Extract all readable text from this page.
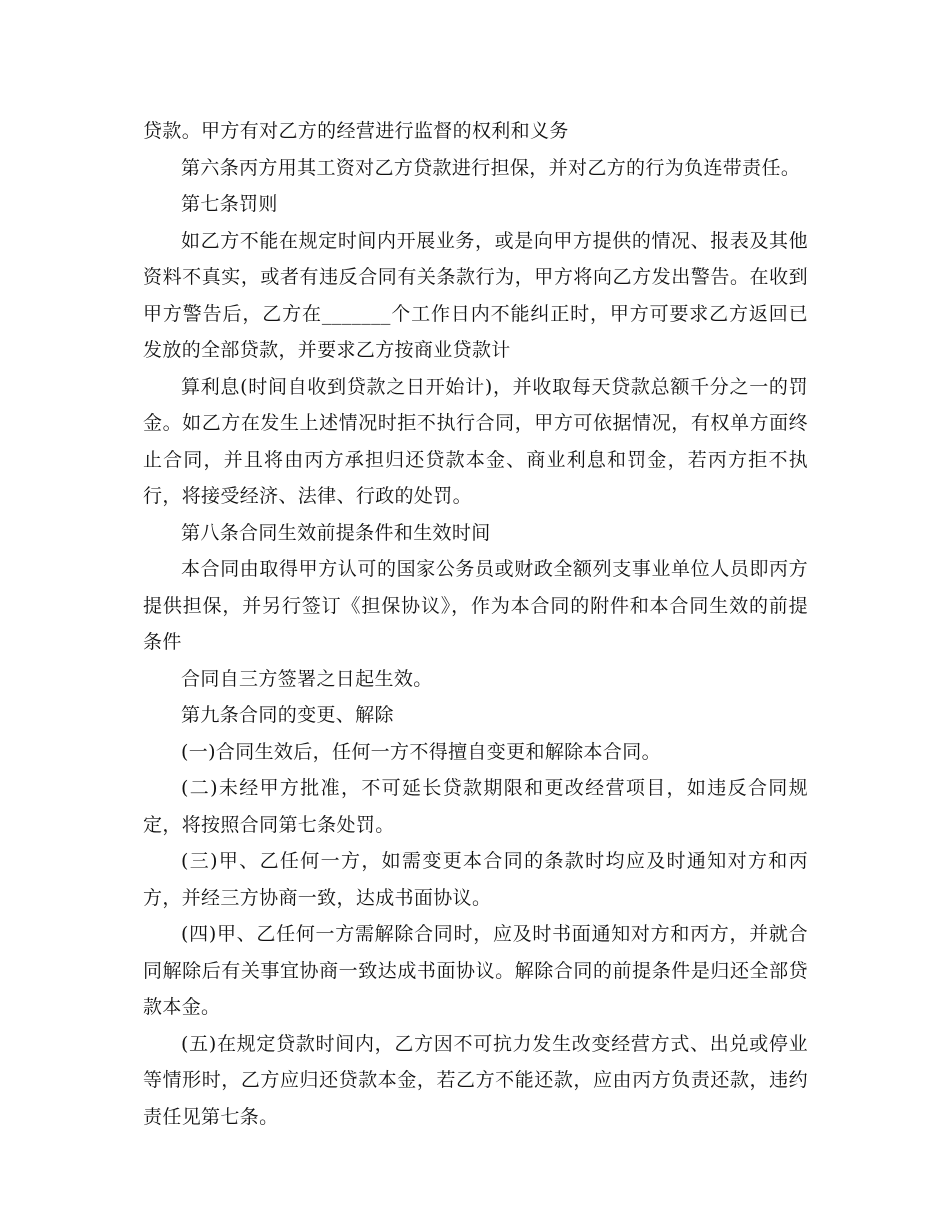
贷款。甲方有对乙方的经营进行监督的权利和义务

第六条丙方用其工资对乙方贷款进行担保，并对乙方的行为负连带责任。

第七条罚则

如乙方不能在规定时间内开展业务，或是向甲方提供的情况、报表及其他资料不真实，或者有违反合同有关条款行为，甲方将向乙方发出警告。在收到甲方警告后，乙方在_______个工作日内不能纠正时，甲方可要求乙方返回已发放的全部贷款，并要求乙方按商业贷款计

算利息(时间自收到贷款之日开始计)，并收取每天贷款总额千分之一的罚金。如乙方在发生上述情况时拒不执行合同，甲方可依据情况，有权单方面终止合同，并且将由丙方承担归还贷款本金、商业利息和罚金，若丙方拒不执行，将接受经济、法律、行政的处罚。

第八条合同生效前提条件和生效时间

本合同由取得甲方认可的国家公务员或财政全额列支事业单位人员即丙方提供担保，并另行签订《担保协议》，作为本合同的附件和本合同生效的前提条件

合同自三方签署之日起生效。

第九条合同的变更、解除

(一)合同生效后，任何一方不得擅自变更和解除本合同。

(二)未经甲方批准，不可延长贷款期限和更改经营项目，如违反合同规定，将按照合同第七条处罚。

(三)甲、乙任何一方，如需变更本合同的条款时均应及时通知对方和丙方，并经三方协商一致，达成书面协议。

(四)甲、乙任何一方需解除合同时，应及时书面通知对方和丙方，并就合同解除后有关事宜协商一致达成书面协议。解除合同的前提条件是归还全部贷款本金。

(五)在规定贷款时间内，乙方因不可抗力发生改变经营方式、出兑或停业等情形时，乙方应归还贷款本金，若乙方不能还款，应由丙方负责还款，违约责任见第七条。
